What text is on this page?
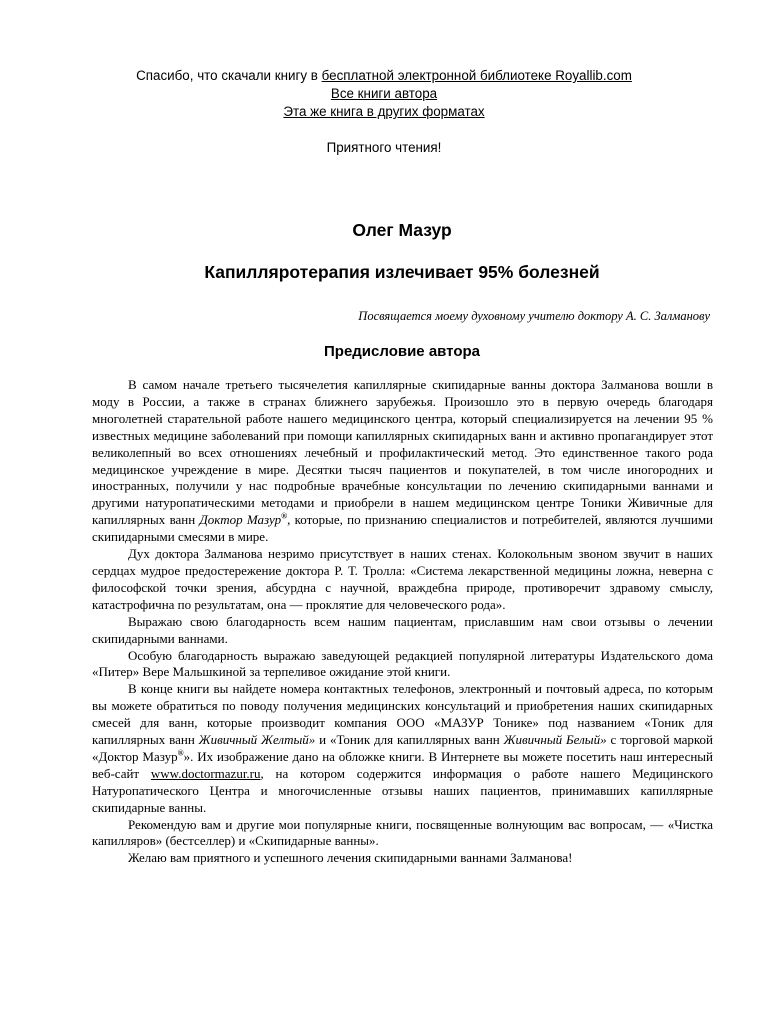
Спасибо, что скачали книгу в бесплатной электронной библиотеке Royallib.com
Все книги автора
Эта же книга в других форматах
Приятного чтения!
Олег Мазур
Капилляротерапия излечивает 95% болезней
Посвящается моему духовному учителю доктору А. С. Залманову
Предисловие автора

В самом начале третьего тысячелетия капиллярные скипидарные ванны доктора Залманова вошли в моду в России, а также в странах ближнего зарубежья. Произошло это в первую очередь благодаря многолетней старательной работе нашего медицинского центра, который специализируется на лечении 95 % известных медицине заболеваний при помощи капиллярных скипидарных ванн и активно пропагандирует этот великолепный во всех отношениях лечебный и профилактический метод. Это единственное такого рода медицинское учреждение в мире. Десятки тысяч пациентов и покупателей, в том числе иногородних и иностранных, получили у нас подробные врачебные консультации по лечению скипидарными ваннами и другими натуропатическими методами и приобрели в нашем медицинском центре Тоники Живичные для капиллярных ванн Доктор Мазур®, которые, по признанию специалистов и потребителей, являются лучшими скипидарными смесями в мире.

Дух доктора Залманова незримо присутствует в наших стенах. Колокольным звоном звучит в наших сердцах мудрое предостережение доктора Р. Т. Тролла: «Система лекарственной медицины ложна, неверна с философской точки зрения, абсурдна с научной, враждебна природе, противоречит здравому смыслу, катастрофична по результатам, она — проклятие для человеческого рода».

Выражаю свою благодарность всем нашим пациентам, приславшим нам свои отзывы о лечении скипидарными ваннами.

Особую благодарность выражаю заведующей редакцией популярной литературы Издательского дома «Питер» Вере Мальшкиной за терпеливое ожидание этой книги.

В конце книги вы найдете номера контактных телефонов, электронный и почтовый адреса, по которым вы можете обратиться по поводу получения медицинских консультаций и приобретения наших скипидарных смесей для ванн, которые производит компания ООО «МАЗУР Тонике» под названием «Тоник для капиллярных ванн Живичный Желтый» и «Тоник для капиллярных ванн Живичный Белый» с торговой маркой «Доктор Мазур®». Их изображение дано на обложке книги. В Интернете вы можете посетить наш интересный веб-сайт www.doctormazur.ru, на котором содержится информация о работе нашего Медицинского Натуропатического Центра и многочисленные отзывы наших пациентов, принимавших капиллярные скипидарные ванны.

Рекомендую вам и другие мои популярные книги, посвященные волнующим вас вопросам, — «Чистка капилляров» (бестселлер) и «Скипидарные ванны».

Желаю вам приятного и успешного лечения скипидарными ваннами Залманова!
